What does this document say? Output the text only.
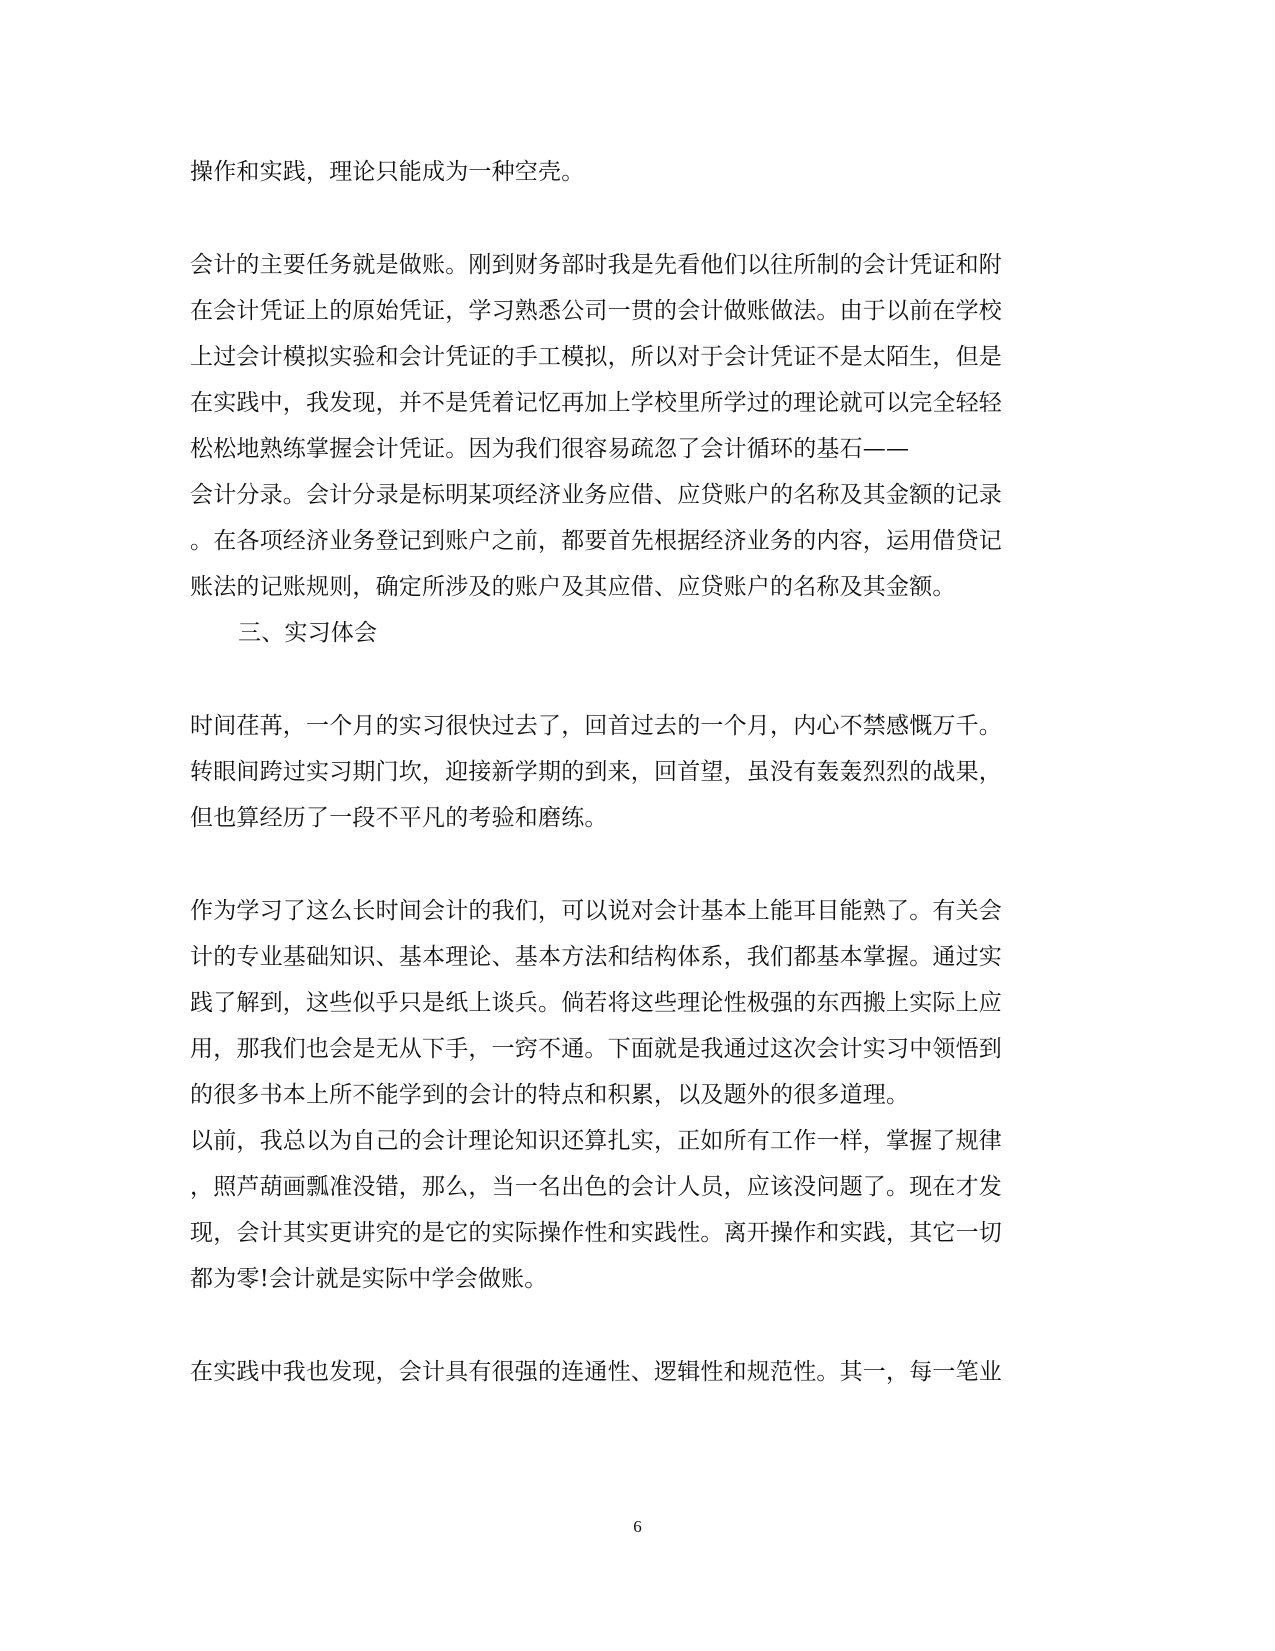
操作和实践，理论只能成为一种空壳。
会计的主要任务就是做账。刚到财务部时我是先看他们以往所制的会计凭证和附
在会计凭证上的原始凭证，学习熟悉公司一贯的会计做账做法。由于以前在学校
上过会计模拟实验和会计凭证的手工模拟，所以对于会计凭证不是太陌生，但是
在实践中，我发现，并不是凭着记忆再加上学校里所学过的理论就可以完全轻轻
松松地熟练掌握会计凭证。因为我们很容易疏忽了会计循环的基石——
会计分录。会计分录是标明某项经济业务应借、应贷账户的名称及其金额的记录
。在各项经济业务登记到账户之前，都要首先根据经济业务的内容，运用借贷记
账法的记账规则，确定所涉及的账户及其应借、应贷账户的名称及其金额。
三、实习体会
时间荏苒，一个月的实习很快过去了，回首过去的一个月，内心不禁感慨万千。
转眼间跨过实习期门坎，迎接新学期的到来，回首望，虽没有轰轰烈烈的战果，
但也算经历了一段不平凡的考验和磨练。
作为学习了这么长时间会计的我们，可以说对会计基本上能耳目能熟了。有关会
计的专业基础知识、基本理论、基本方法和结构体系，我们都基本掌握。通过实
践了解到，这些似乎只是纸上谈兵。倘若将这些理论性极强的东西搬上实际上应
用，那我们也会是无从下手，一窍不通。下面就是我通过这次会计实习中领悟到
的很多书本上所不能学到的会计的特点和积累，以及题外的很多道理。
以前，我总以为自己的会计理论知识还算扎实，正如所有工作一样，掌握了规律
，照芦葫画瓢准没错，那么，当一名出色的会计人员，应该没问题了。现在才发
现，会计其实更讲究的是它的实际操作性和实践性。离开操作和实践，其它一切
都为零!会计就是实际中学会做账。
在实践中我也发现，会计具有很强的连通性、逻辑性和规范性。其一，每一笔业
6
